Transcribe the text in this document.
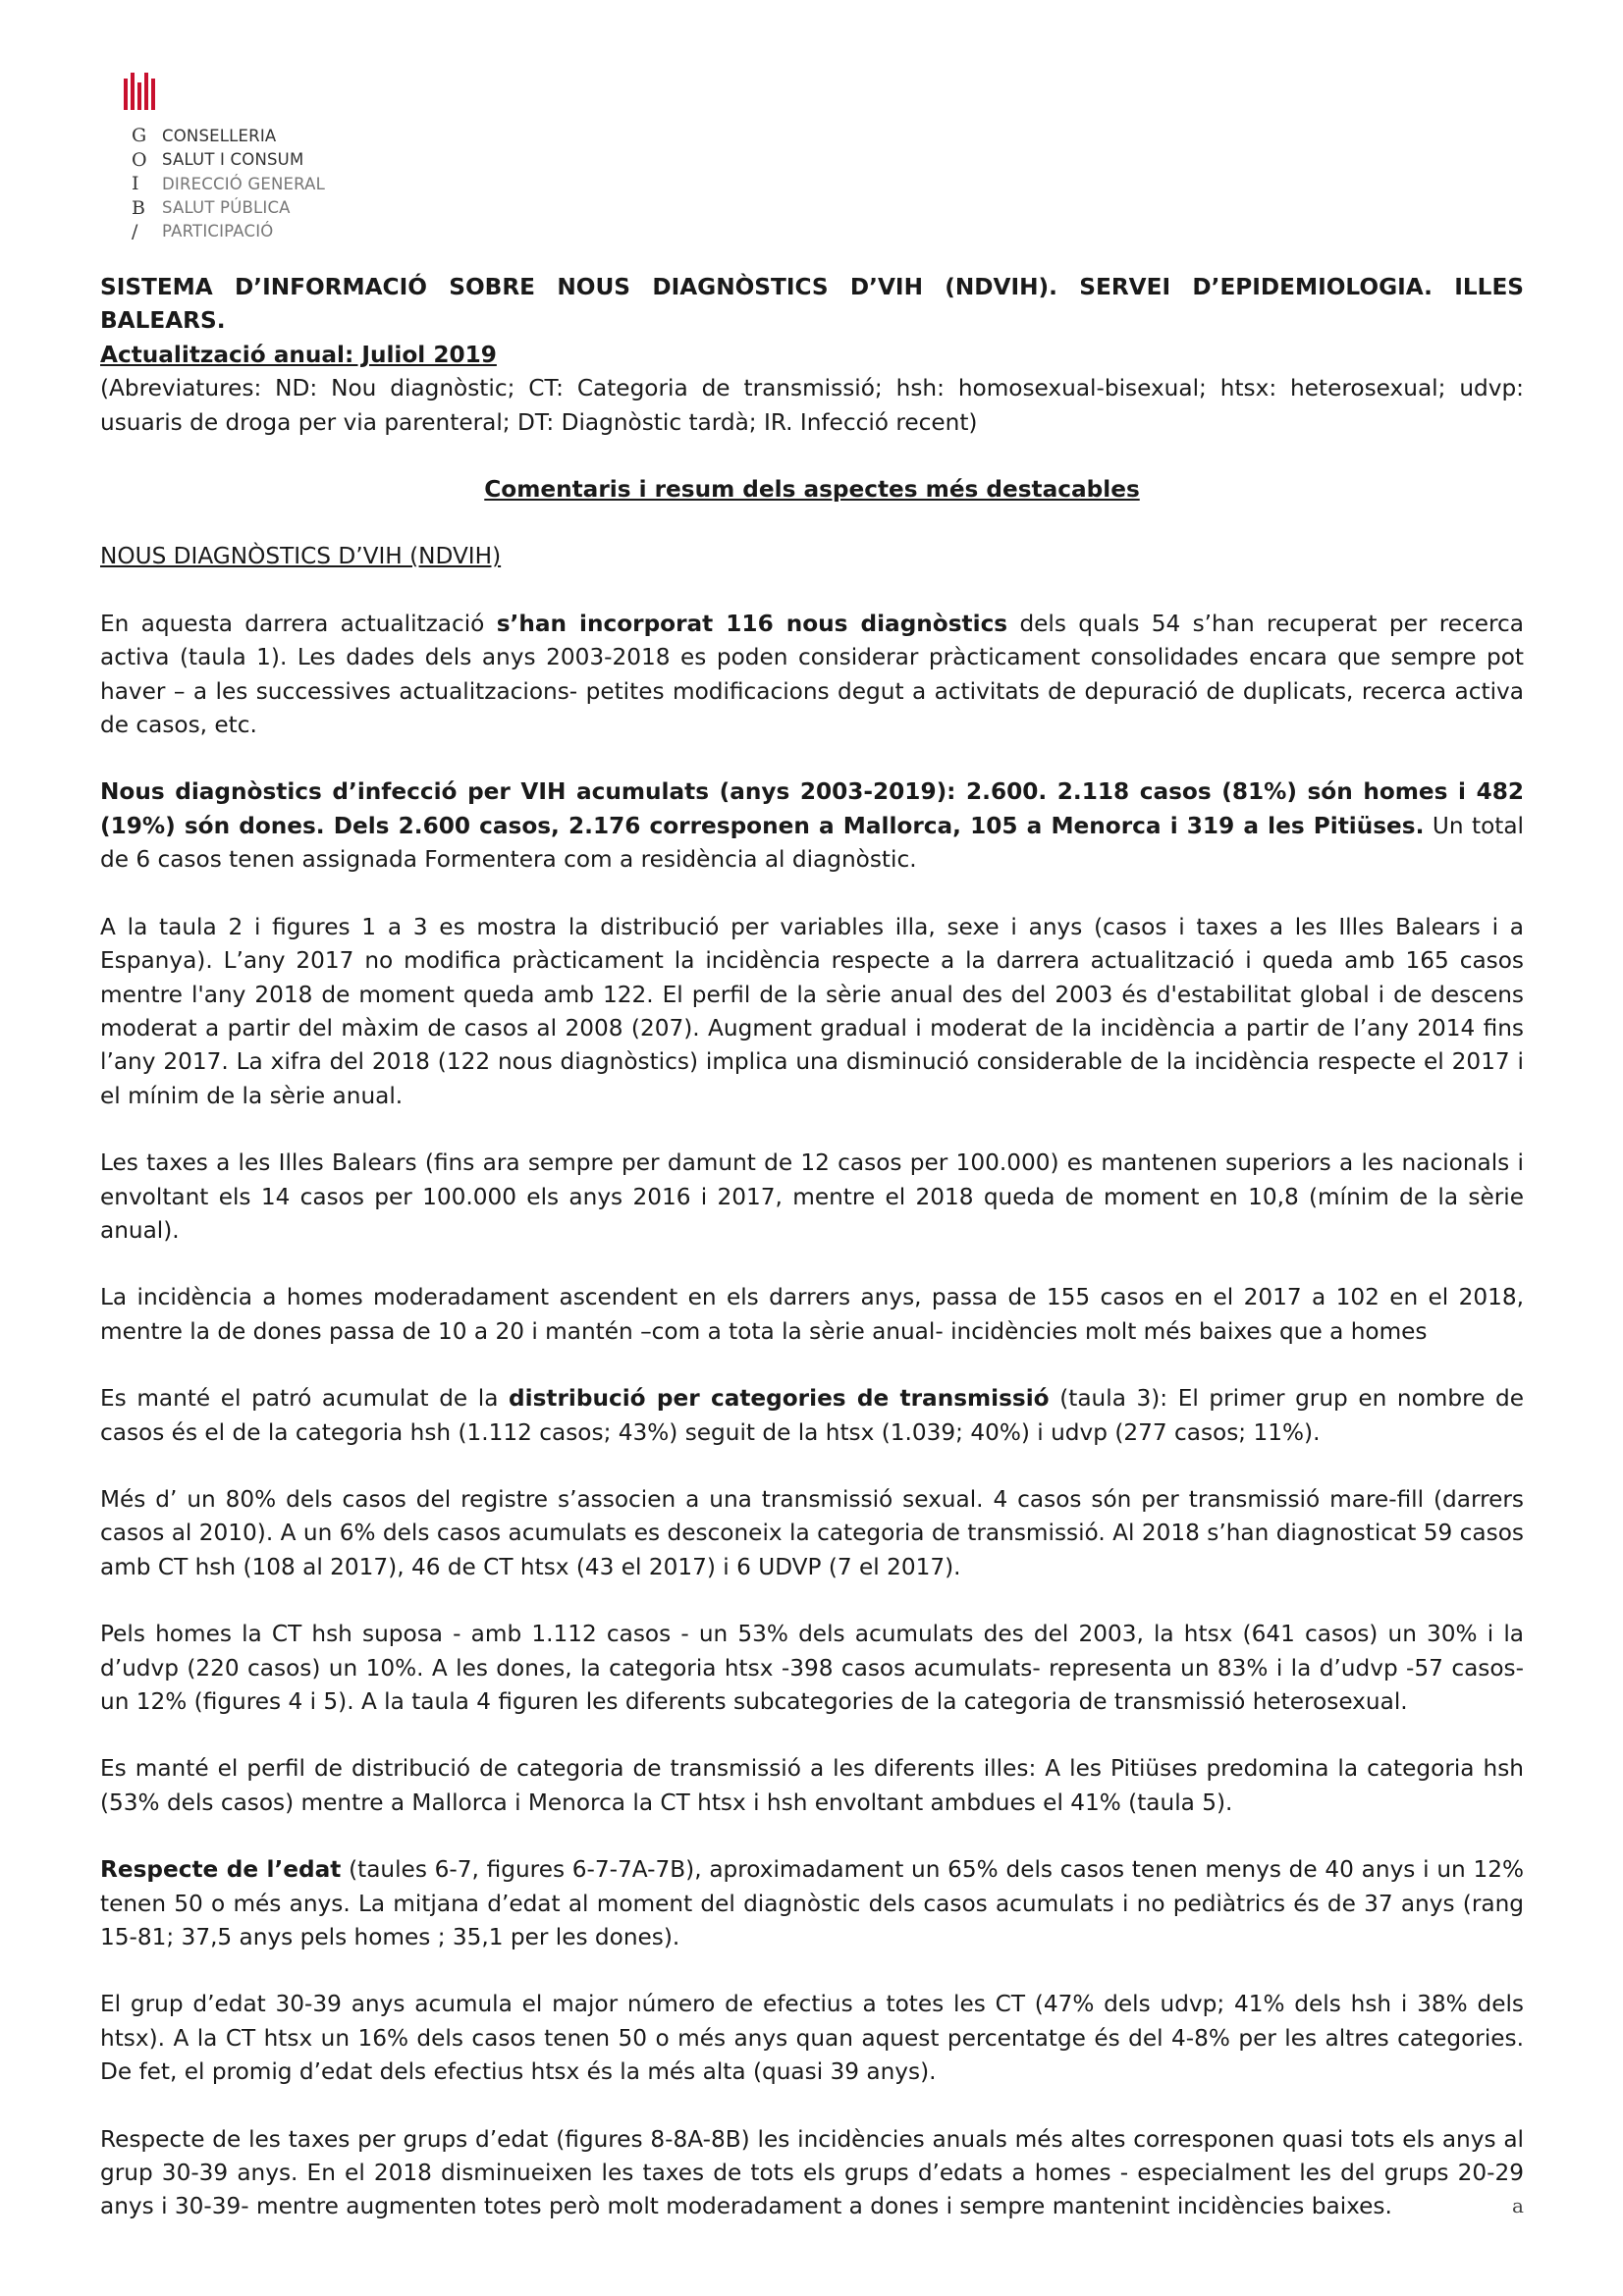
G
O
I
B
/
CONSELLERIA
SALUT I CONSUM
DIRECCIÓ GENERAL
SALUT PÚBLICA
PARTICIPACIÓ

SISTEMA D’INFORMACIÓ SOBRE NOUS DIAGNÒSTICS D’VIH (NDVIH). SERVEI D’EPIDEMIOLOGIA. ILLES BALEARS.

Actualització anual: Juliol 2019

(Abreviatures: ND: Nou diagnòstic; CT: Categoria de transmissió; hsh: homosexual-bisexual; htsx: heterosexual; udvp: usuaris de droga per via parenteral; DT: Diagnòstic tardà; IR. Infecció recent)

Comentaris i resum dels aspectes més destacables

NOUS DIAGNÒSTICS D’VIH (NDVIH)

En aquesta darrera actualització s’han incorporat 116 nous diagnòstics dels quals 54 s’han recuperat per recerca activa (taula 1). Les dades dels anys 2003-2018 es poden considerar pràcticament consolidades encara que sempre pot haver – a les successives actualitzacions- petites modificacions degut a activitats de depuració de duplicats, recerca activa de casos, etc.

Nous diagnòstics d’infecció per VIH acumulats (anys 2003-2019): 2.600. 2.118 casos (81%) són homes i 482 (19%) són dones. Dels 2.600 casos, 2.176 corresponen a Mallorca, 105 a Menorca i 319 a les Pitiüses. Un total de 6 casos tenen assignada Formentera com a residència al diagnòstic.

A la taula 2 i figures 1 a 3 es mostra la distribució per variables illa, sexe i anys (casos i taxes a les Illes Balears i a Espanya). L’any 2017 no modifica pràcticament la incidència respecte a la darrera actualització i queda amb 165 casos mentre l'any 2018 de moment queda amb 122. El perfil de la sèrie anual des del 2003 és d'estabilitat global i de descens moderat a partir del màxim de casos al 2008 (207). Augment gradual i moderat de la incidència a partir de l’any 2014 fins l’any 2017. La xifra del 2018 (122 nous diagnòstics) implica una disminució considerable de la incidència respecte el 2017 i el mínim de la sèrie anual.

Les taxes a les Illes Balears (fins ara sempre per damunt de 12 casos per 100.000) es mantenen superiors a les nacionals i envoltant els 14 casos per 100.000 els anys 2016 i 2017, mentre el 2018 queda de moment en 10,8 (mínim de la sèrie anual).

La incidència a homes moderadament ascendent en els darrers anys, passa de 155 casos en el 2017 a 102 en el 2018, mentre la de dones passa de 10 a 20 i mantén –com a tota la sèrie anual- incidències molt més baixes que a homes

Es manté el patró acumulat de la distribució per categories de transmissió (taula 3): El primer grup en nombre de casos és el de la categoria hsh (1.112 casos; 43%) seguit de la htsx (1.039; 40%) i udvp (277 casos; 11%).

Més d’ un 80% dels casos del registre s’associen a una transmissió sexual. 4 casos són per transmissió mare-fill (darrers casos al 2010). A un 6% dels casos acumulats es desconeix la categoria de transmissió. Al 2018 s’han diagnosticat 59 casos amb CT hsh (108 al 2017), 46 de CT htsx (43 el 2017) i 6 UDVP (7 el 2017).

Pels homes la CT hsh suposa - amb 1.112 casos - un 53% dels acumulats des del 2003, la htsx (641 casos) un 30% i la d’udvp (220 casos) un 10%. A les dones, la categoria htsx -398 casos acumulats- representa un 83% i la d’udvp -57 casos- un 12% (figures 4 i 5). A la taula 4 figuren les diferents subcategories de la categoria de transmissió heterosexual.

Es manté el perfil de distribució de categoria de transmissió a les diferents illes: A les Pitiüses predomina la categoria hsh (53% dels casos) mentre a Mallorca i Menorca la CT htsx i hsh envoltant ambdues el 41% (taula 5).

Respecte de l’edat (taules 6-7, figures 6-7-7A-7B), aproximadament un 65% dels casos tenen menys de 40 anys i un 12% tenen 50 o més anys. La mitjana d’edat al moment del diagnòstic dels casos acumulats i no pediàtrics és de 37 anys (rang 15-81; 37,5 anys pels homes ; 35,1 per les dones).

El grup d’edat 30-39 anys acumula el major número de efectius a totes les CT (47% dels udvp; 41% dels hsh i 38% dels htsx). A la CT htsx un 16% dels casos tenen 50 o més anys quan aquest percentatge és del 4-8% per les altres categories. De fet, el promig d’edat dels efectius htsx és la més alta (quasi 39 anys).

Respecte de les taxes per grups d’edat (figures 8-8A-8B) les incidències anuals més altes corresponen quasi tots els anys al grup 30-39 anys. En el 2018 disminueixen les taxes de tots els grups d’edats a homes - especialment les del grups 20-29 anys i 30-39- mentre augmenten totes però molt moderadament a dones i sempre mantenint incidències baixes.	a
